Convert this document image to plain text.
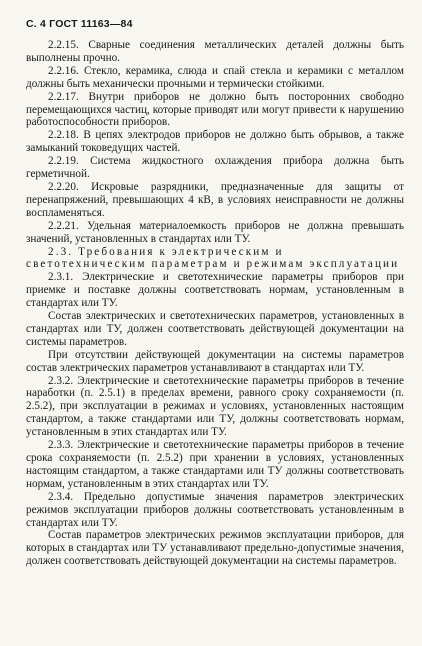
С. 4 ГОСТ 11163—84

2.2.15. Сварные соединения металлических деталей должны быть выполнены прочно.

2.2.16. Стекло, керамика, слюда и спай стекла и керамики с металлом должны быть механически прочными и термически стойкими.

2.2.17. Внутри приборов не должно быть посторонних свободно перемещающихся частиц, которые приводят или могут привести к нарушению работоспособности приборов.

2.2.18. В цепях электродов приборов не должно быть обрывов, а также замыканий токоведущих частей.

2.2.19. Система жидкостного охлаждения прибора должна быть герметичной.

2.2.20. Искровые разрядники, предназначенные для защиты от перенапряжений, превышающих 4 кВ, в условиях неисправности не должны воспламеняться.

2.2.21. Удельная материалоемкость приборов не должна превышать значений, установленных в стандартах или ТУ.

2.3. Требования к электрическим и светотехническим параметрам и режимам эксплуатации

2.3.1. Электрические и светотехнические параметры приборов при приемке и поставке должны соответствовать нормам, установленным в стандартах или ТУ.

Состав электрических и светотехнических параметров, установленных в стандартах или ТУ, должен соответствовать действующей документации на системы параметров.

При отсутствии действующей документации на системы параметров состав электрических параметров устанавливают в стандартах или ТУ.

2.3.2. Электрические и светотехнические параметры приборов в течение наработки (п. 2.5.1) в пределах времени, равного сроку сохраняемости (п. 2.5.2), при эксплуатации в режимах и условиях, установленных настоящим стандартом, а также стандартами или ТУ, должны соответствовать нормам, установленным в этих стандартах или ТУ.

2.3.3. Электрические и светотехнические параметры приборов в течение срока сохраняемости (п. 2.5.2) при хранении в условиях, установленных настоящим стандартом, а также стандартами или ТУ должны соответствовать нормам, установленным в этих стандартах или ТУ.

2.3.4. Предельно допустимые значения параметров электрических режимов эксплуатации приборов должны соответствовать установленным в стандартах или ТУ.

Состав параметров электрических режимов эксплуатации приборов, для которых в стандартах или ТУ устанавливают предельно-допустимые значения, должен соответствовать действующей документации на системы параметров.
